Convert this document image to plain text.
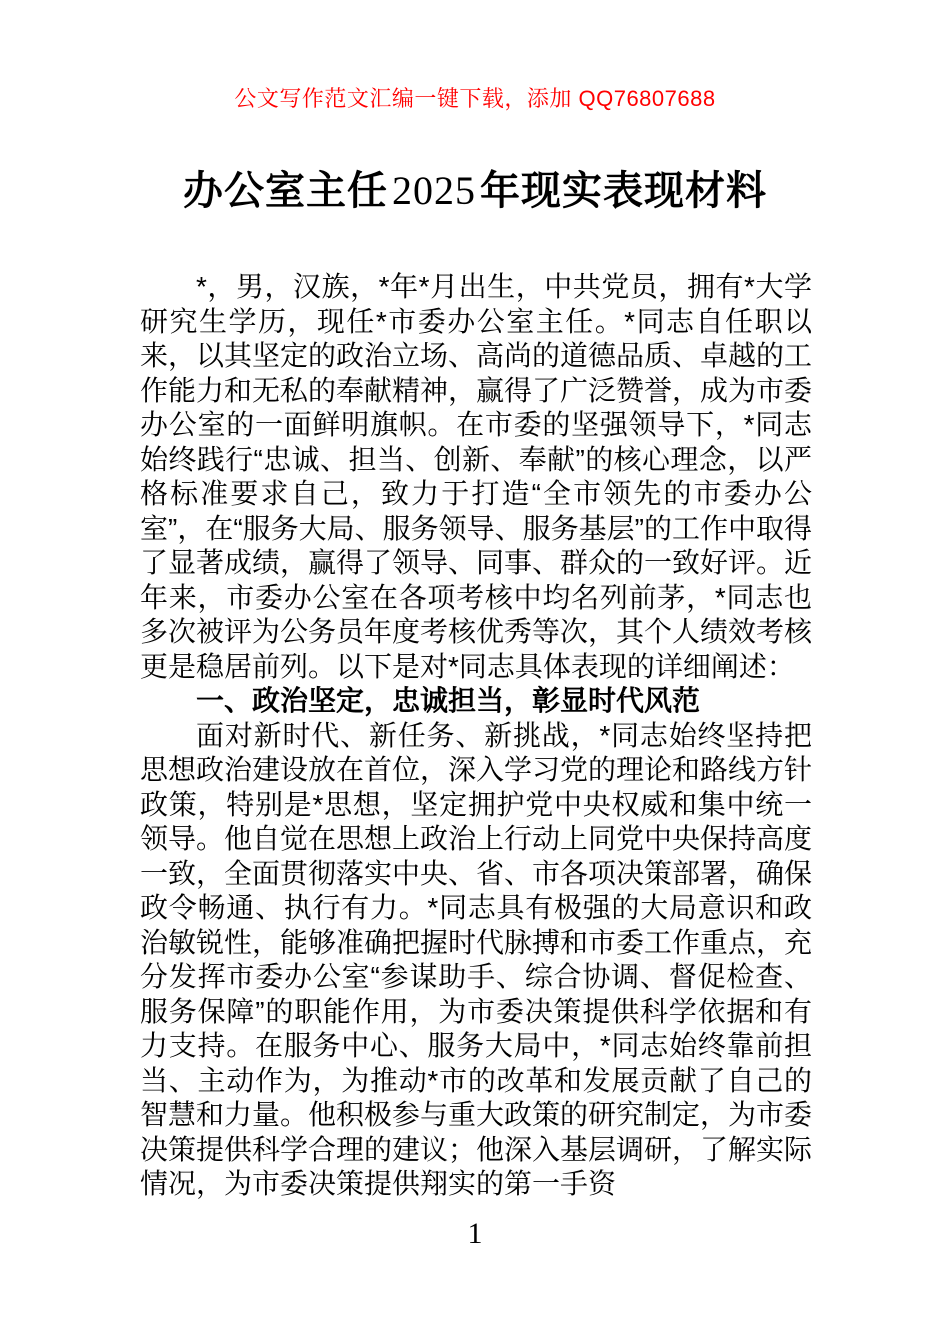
公文写作范文汇编一键下载，添加 QQ76807688
办公室主任 2025 年现实表现材料

*，男，汉族，*年*月出生，中共党员，拥有*大学研究生学历，现任*市委办公室主任。*同志自任职以来，以其坚定的政治立场、高尚的道德品质、卓越的工作能力和无私的奉献精神，赢得了广泛赞誉，成为市委办公室的一面鲜明旗帜。在市委的坚强领导下，*同志始终践行“忠诚、担当、创新、奉献”的核心理念，以严格标准要求自己，致力于打造“全市领先的市委办公室”，在“服务大局、服务领导、服务基层”的工作中取得了显著成绩，赢得了领导、同事、群众的一致好评。近年来，市委办公室在各项考核中均名列前茅，*同志也多次被评为公务员年度考核优秀等次，其个人绩效考核更是稳居前列。以下是对*同志具体表现的详细阐述：

一、政治坚定，忠诚担当，彰显时代风范

面对新时代、新任务、新挑战，*同志始终坚持把思想政治建设放在首位，深入学习党的理论和路线方针政策，特别是*思想，坚定拥护党中央权威和集中统一领导。他自觉在思想上政治上行动上同党中央保持高度一致，全面贯彻落实中央、省、市各项决策部署，确保政令畅通、执行有力。*同志具有极强的大局意识和政治敏锐性，能够准确把握时代脉搏和市委工作重点，充分发挥市委办公室“参谋助手、综合协调、督促检查、服务保障”的职能作用，为市委决策提供科学依据和有力支持。在服务中心、服务大局中，*同志始终靠前担当、主动作为，为推动*市的改革和发展贡献了自己的智慧和力量。他积极参与重大政策的研究制定，为市委决策提供科学合理的建议；他深入基层调研，了解实际情况，为市委决策提供翔实的第一手资

1
